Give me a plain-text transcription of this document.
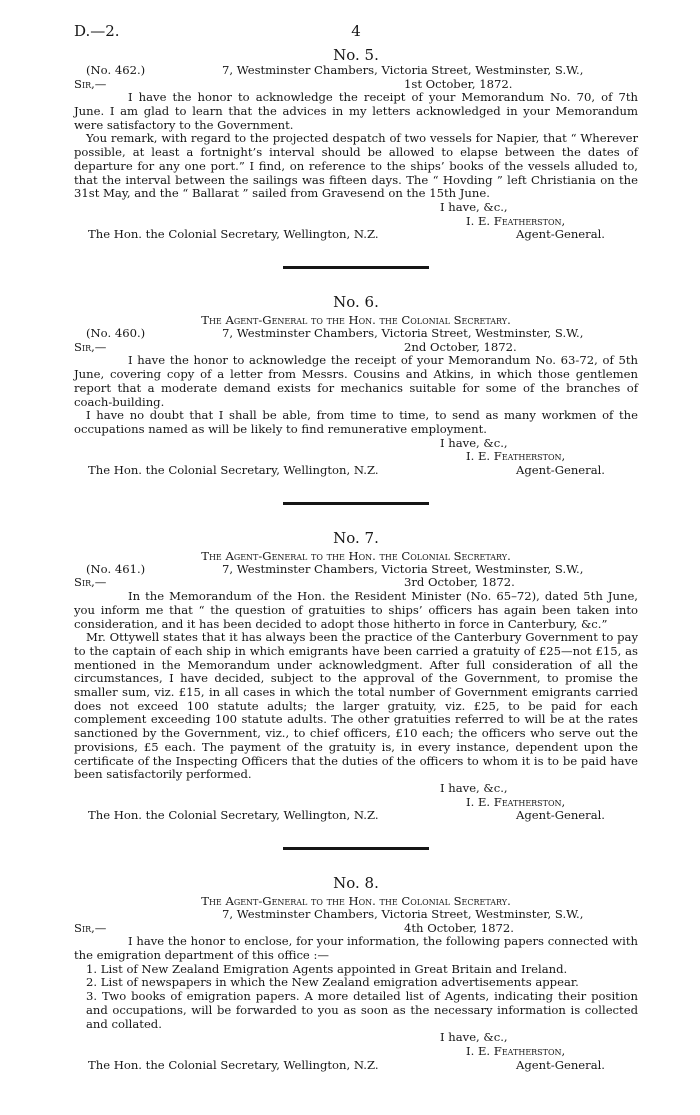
D.—2.	4
No. 5.
(No. 462.)	7, Westminster Chambers, Victoria Street, Westminster, S.W.,
Sir,—	1st October, 1872.

I have the honor to acknowledge the receipt of your Memorandum No. 70, of 7th June. I am glad to learn that the advices in my letters acknowledged in your Memorandum were satisfactory to the Government.

You remark, with regard to the projected despatch of two vessels for Napier, that “ Wherever possible, at least a fortnight’s interval should be allowed to elapse between the dates of departure for any one port.” I find, on reference to the ships’ books of the vessels alluded to, that the interval between the sailings was fifteen days. The “ Hovding ” left Christiania on the 31st May, and the “ Ballarat ” sailed from Gravesend on the 15th June.

I have, &c.,
I. E. Featherston,
The Hon. the Colonial Secretary, Wellington, N.Z.	Agent-General.
No. 6.
The Agent-General to the Hon. the Colonial Secretary.
(No. 460.)	7, Westminster Chambers, Victoria Street, Westminster, S.W.,
Sir,—	2nd October, 1872.

I have the honor to acknowledge the receipt of your Memorandum No. 63-72, of 5th June, covering copy of a letter from Messrs. Cousins and Atkins, in which those gentlemen report that a moderate demand exists for mechanics suitable for some of the branches of coach-building.

I have no doubt that I shall be able, from time to time, to send as many workmen of the occupations named as will be likely to find remunerative employment.

I have, &c.,
I. E. Featherston,
The Hon. the Colonial Secretary, Wellington, N.Z.	Agent-General.
No. 7.
The Agent-General to the Hon. the Colonial Secretary.
(No. 461.)	7, Westminster Chambers, Victoria Street, Westminster, S.W.,
Sir,—	3rd October, 1872.

In the Memorandum of the Hon. the Resident Minister (No. 65–72), dated 5th June, you inform me that “ the question of gratuities to ships’ officers has again been taken into consideration, and it has been decided to adopt those hitherto in force in Canterbury, &c.”

Mr. Ottywell states that it has always been the practice of the Canterbury Government to pay to the captain of each ship in which emigrants have been carried a gratuity of £25—not £15, as mentioned in the Memorandum under acknowledgment. After full consideration of all the circumstances, I have decided, subject to the approval of the Government, to promise the smaller sum, viz. £15, in all cases in which the total number of Government emigrants carried does not exceed 100 statute adults; the larger gratuity, viz. £25, to be paid for each complement exceeding 100 statute adults. The other gratuities referred to will be at the rates sanctioned by the Government, viz., to chief officers, £10 each; the officers who serve out the provisions, £5 each. The payment of the gratuity is, in every instance, dependent upon the certificate of the Inspecting Officers that the duties of the officers to whom it is to be paid have been satisfactorily performed.

I have, &c.,
I. E. Featherston,
The Hon. the Colonial Secretary, Wellington, N.Z.	Agent-General.
No. 8.
The Agent-General to the Hon. the Colonial Secretary.
7, Westminster Chambers, Victoria Street, Westminster, S.W.,
Sir,—	4th October, 1872.

I have the honor to enclose, for your information, the following papers connected with the emigration department of this office :—

1. List of New Zealand Emigration Agents appointed in Great Britain and Ireland.
2. List of newspapers in which the New Zealand emigration advertisements appear.
3. Two books of emigration papers. A more detailed list of Agents, indicating their position and occupations, will be forwarded to you as soon as the necessary information is collected and collated.
I have, &c.,
I. E. Featherston,
The Hon. the Colonial Secretary, Wellington, N.Z.	Agent-General.
